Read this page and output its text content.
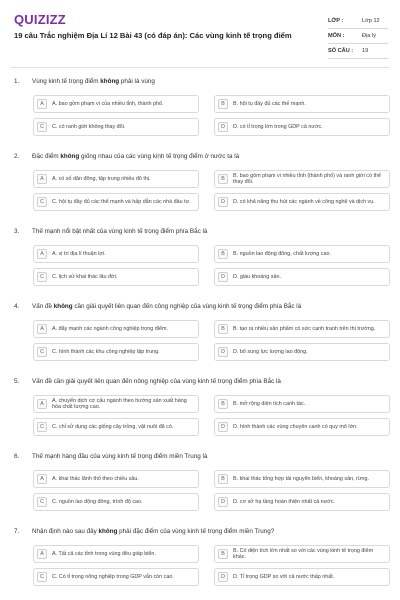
QUIZIZZ
19 câu Trắc nghiệm Địa Lí 12 Bài 43 (có đáp án): Các vùng kinh tế trọng điểm
LỚP :	Lớp 12
MÔN :	Địa lý
SỐ CÂU :	19
1.	Vùng kinh tế trọng điểm không phải là vùng
A	A. bao gồm phạm vi của nhiều tỉnh, thành phố.	B	B. hội tụ đầy đủ các thế mạnh.
C	C. có ranh giới không thay đổi.	D	D. có tỉ trọng lớn trong GDP cả nước.
2.	Đặc điểm không giống nhau của các vùng kinh tế trọng điểm ở nước ta là
A	A. có số dân đông, tập trung nhiều đô thị.	B
B. bao gồm phạm vi nhiều tỉnh (thành phố) và ranh giới có thể thay đổi.
C	C. hội tụ đầy đủ các thế mạnh và hấp dẫn các nhà đầu tư.	D	D. có khả năng thu hút các ngành về công nghệ và dịch vụ.
3.	Thế mạnh nổi bật nhất của vùng kinh tế trọng điểm phía Bắc là
A	A. vị trí địa lí thuận lợi.	B	B. nguồn lao động đông, chất lượng cao.
C	C. lịch sử khai thác lâu đời.	D	D. giàu khoáng sản.
4.	Vấn đề không cần giải quyết liên quan đến công nghiệp của vùng kinh tế trọng điểm phía Bắc là
A	A. đẩy mạnh các ngành công nghiệp trọng điểm.	B	B. tạo ra nhiều sản phẩm có sức cạnh tranh trên thị trường.
C	C. hình thành các khu công nghiệp tập trung.	D	D. bổ sung lực lượng lao động.
5.	Vấn đề cần giải quyết liên quan đến nông nghiệp của vùng kinh tế trọng điểm phía Bắc là
A
A. chuyển dịch cơ cấu ngành theo hướng sản xuất hàng hóa chất lượng cao.	B	B. mở rộng diện tích canh tác.
C	C. chỉ sử dụng các giống cây trồng, vật nuôi đã có.	D	D. hình thành các vùng chuyên canh có quy mô lớn.
6.	Thế mạnh hàng đầu của vùng kinh tế trọng điểm miền Trung là
A	A. khai thác lãnh thổ theo chiều sâu.	B	B. khai thác tổng hợp tài nguyên biển, khoáng sản, rừng.
C	C. nguồn lao động đông, trình độ cao.	D	D. cơ sở hạ tầng hoàn thiện nhất cả nước.
7.	Nhận định nào sau đây không phải đặc điểm của vùng kinh tế trọng điểm miền Trung?
A	A. Tất cả các tỉnh trong vùng đều giáp biển.	B
B. Có diện tích lớn nhất so với các vùng kinh tế trọng điểm khác.
C	C. Có tỉ trọng nông nghiệp trong GDP vẫn còn cao.	D	D. Tỉ trọng GDP so với cả nước thấp nhất.
